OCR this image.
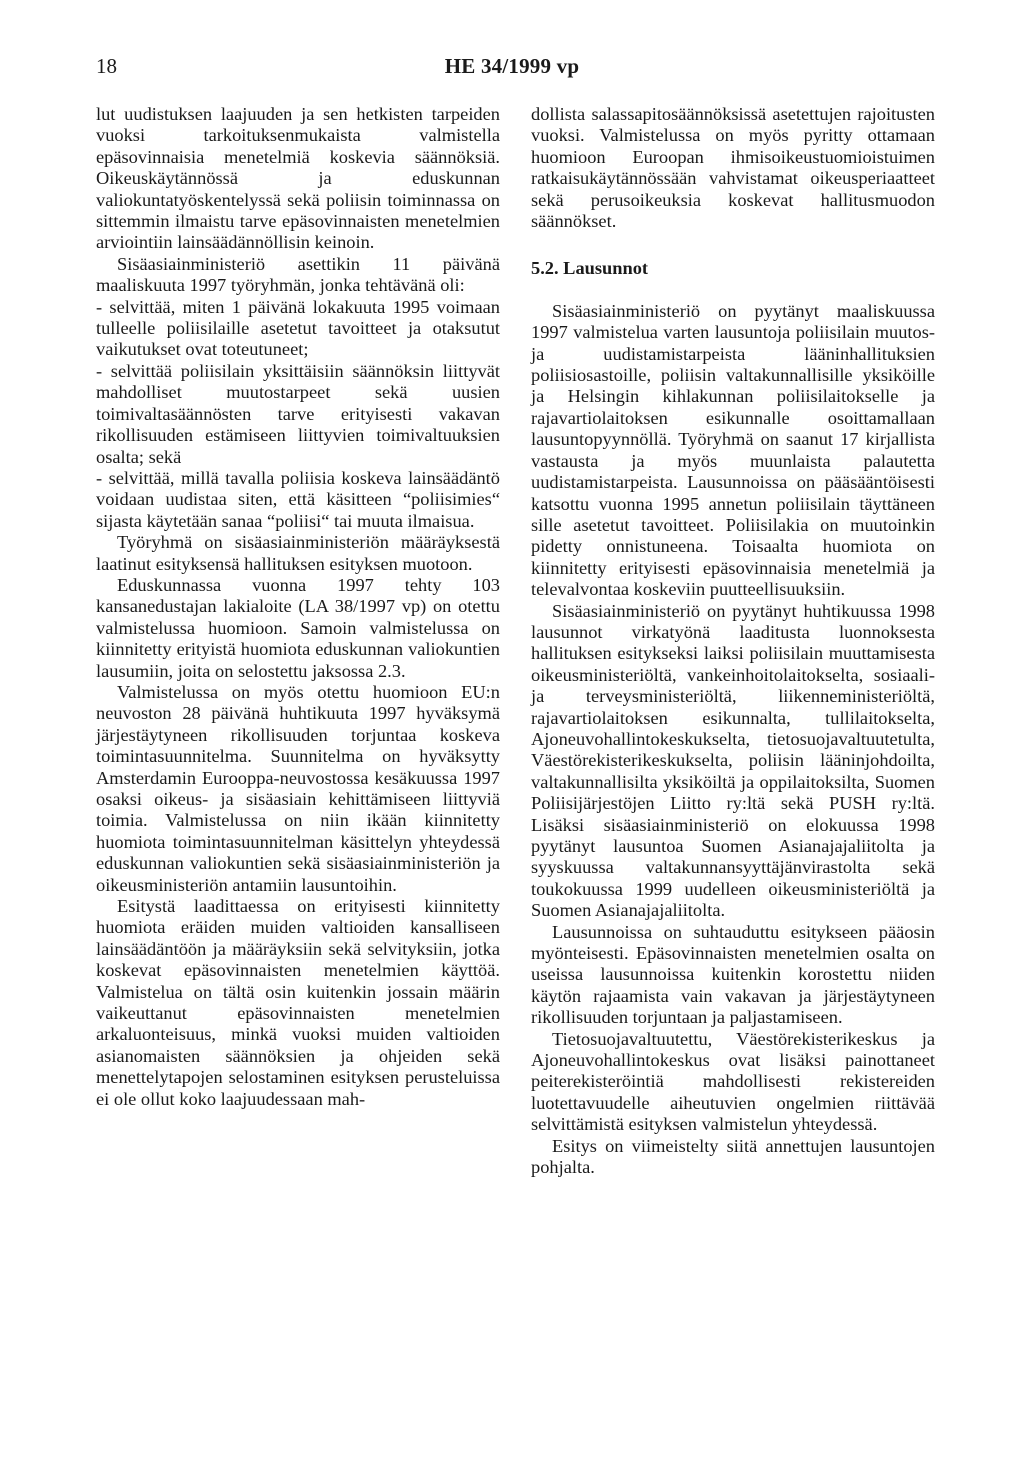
18	HE 34/1999 vp

lut uudistuksen laajuuden ja sen hetkisten tarpeiden vuoksi tarkoituksenmukaista valmistella epäsovinnaisia menetelmiä koskevia säännöksiä. Oikeuskäytännössä ja eduskunnan valiokuntatyöskentelyssä sekä poliisin toiminnassa on sittemmin ilmaistu tarve epäsovinnaisten menetelmien arviointiin lainsäädännöllisin keinoin.

Sisäasiainministeriö asettikin 11 päivänä maaliskuuta 1997 työryhmän, jonka tehtävänä oli:

- selvittää, miten 1 päivänä lokakuuta 1995 voimaan tulleelle poliisilaille asetetut tavoitteet ja otaksutut vaikutukset ovat toteutuneet;

- selvittää poliisilain yksittäisiin säännöksin liittyvät mahdolliset muutostarpeet sekä uusien toimivaltasäännösten tarve erityisesti vakavan rikollisuuden estämiseen liittyvien toimivaltuuksien osalta; sekä

- selvittää, millä tavalla poliisia koskeva lainsäädäntö voidaan uudistaa siten, että käsitteen “poliisimies“ sijasta käytetään sanaa “poliisi“ tai muuta ilmaisua.

Työryhmä on sisäasiainministeriön määräyksestä laatinut esityksensä hallituksen esityksen muotoon.

Eduskunnassa vuonna 1997 tehty 103 kansanedustajan lakialoite (LA 38/1997 vp) on otettu valmistelussa huomioon. Samoin valmistelussa on kiinnitetty erityistä huomiota eduskunnan valiokuntien lausumiin, joita on selostettu jaksossa 2.3.

Valmistelussa on myös otettu huomioon EU:n neuvoston 28 päivänä huhtikuuta 1997 hyväksymä järjestäytyneen rikollisuuden torjuntaa koskeva toimintasuunnitelma. Suunnitelma on hyväksytty Amsterdamin Eurooppa-neuvostossa kesäkuussa 1997 osaksi oikeus- ja sisäasiain kehittämiseen liittyviä toimia. Valmistelussa on niin ikään kiinnitetty huomiota toimintasuunnitelman käsittelyn yhteydessä eduskunnan valiokuntien sekä sisäasiainministeriön ja oikeusministeriön antamiin lausuntoihin.

Esitystä laadittaessa on erityisesti kiinnitetty huomiota eräiden muiden valtioiden kansalliseen lainsäädäntöön ja määräyksiin sekä selvityksiin, jotka koskevat epäsovinnaisten menetelmien käyttöä. Valmistelua on tältä osin kuitenkin jossain määrin vaikeuttanut epäsovinnaisten menetelmien arkaluonteisuus, minkä vuoksi muiden valtioiden asianomaisten säännöksien ja ohjeiden sekä menettelytapojen selostaminen esityksen perusteluissa ei ole ollut koko laajuudessaan mah-

dollista salassapitosäännöksissä asetettujen rajoitusten vuoksi. Valmistelussa on myös pyritty ottamaan huomioon Euroopan ihmisoikeustuomioistuimen ratkaisukäytännössään vahvistamat oikeusperiaatteet sekä perusoikeuksia koskevat hallitusmuodon säännökset.

5.2. Lausunnot

Sisäasiainministeriö on pyytänyt maaliskuussa 1997 valmistelua varten lausuntoja poliisilain muutos- ja uudistamistarpeista lääninhallituksien poliisiosastoille, poliisin valtakunnallisille yksiköille ja Helsingin kihlakunnan poliisilaitokselle ja rajavartiolaitoksen esikunnalle osoittamallaan lausuntopyynnöllä. Työryhmä on saanut 17 kirjallista vastausta ja myös muunlaista palautetta uudistamistarpeista. Lausunnoissa on pääsääntöisesti katsottu vuonna 1995 annetun poliisilain täyttäneen sille asetetut tavoitteet. Poliisilakia on muutoinkin pidetty onnistuneena. Toisaalta huomiota on kiinnitetty erityisesti epäsovinnaisia menetelmiä ja televalvontaa koskeviin puutteellisuuksiin.

Sisäasiainministeriö on pyytänyt huhtikuussa 1998 lausunnot virkatyönä laaditusta luonnoksesta hallituksen esitykseksi laiksi poliisilain muuttamisesta oikeusministeriöltä, vankeinhoitolaitokselta, sosiaali- ja terveysministeriöltä, liikenneministeriöltä, rajavartiolaitoksen esikunnalta, tullilaitokselta, Ajoneuvohallintokeskukselta, tietosuojavaltuutetulta, Väestörekisterikeskukselta, poliisin lääninjohdoilta, valtakunnallisilta yksiköiltä ja oppilaitoksilta, Suomen Poliisijärjestöjen Liitto ry:ltä sekä PUSH ry:ltä. Lisäksi sisäasiainministeriö on elokuussa 1998 pyytänyt lausuntoa Suomen Asianajajaliitolta ja syyskuussa valtakunnansyyttäjänvirastolta sekä toukokuussa 1999 uudelleen oikeusministeriöltä ja Suomen Asianajajaliitolta.

Lausunnoissa on suhtauduttu esitykseen pääosin myönteisesti. Epäsovinnaisten menetelmien osalta on useissa lausunnoissa kuitenkin korostettu niiden käytön rajaamista vain vakavan ja järjestäytyneen rikollisuuden torjuntaan ja paljastamiseen.

Tietosuojavaltuutettu, Väestörekisterikeskus ja Ajoneuvohallintokeskus ovat lisäksi painottaneet peiterekisteröintiä mahdollisesti rekistereiden luotettavuudelle aiheutuvien ongelmien riittävää selvittämistä esityksen valmistelun yhteydessä.

Esitys on viimeistelty siitä annettujen lausuntojen pohjalta.
